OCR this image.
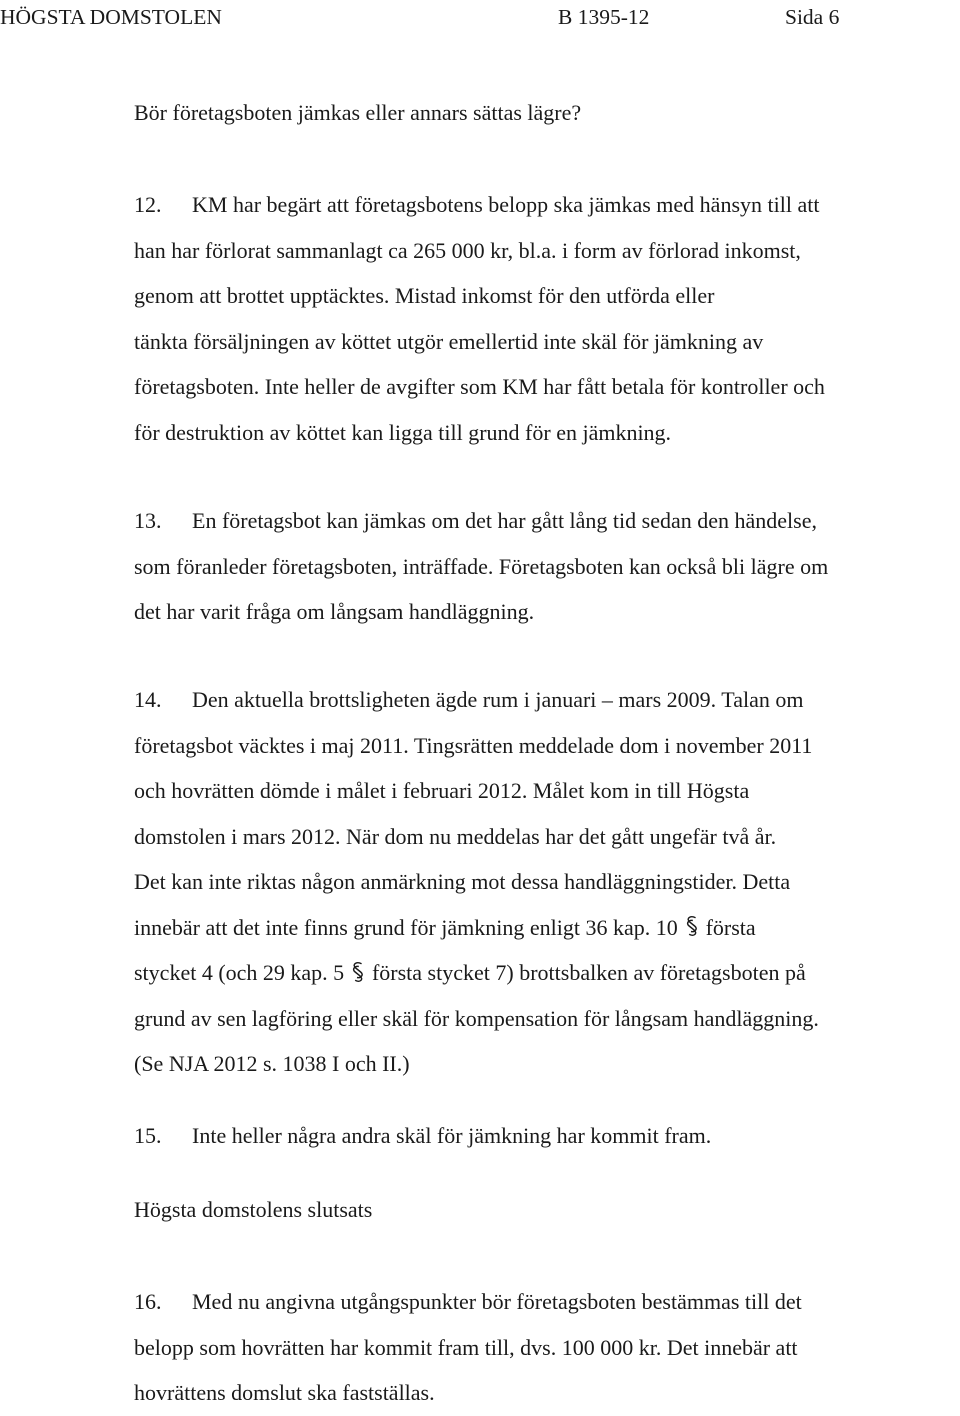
HÖGSTA DOMSTOLEN	B 1395-12	Sida 6
Bör företagsboten jämkas eller annars sättas lägre?
12. KM har begärt att företagsbotens belopp ska jämkas med hänsyn till att
han har förlorat sammanlagt ca 265 000 kr, bl.a. i form av förlorad inkomst,
genom att brottet upptäcktes. Mistad inkomst för den utförda eller
tänkta försäljningen av köttet utgör emellertid inte skäl för jämkning av
företagsboten. Inte heller de avgifter som KM har fått betala för kontroller och
för destruktion av köttet kan ligga till grund för en jämkning.
13. En företagsbot kan jämkas om det har gått lång tid sedan den händelse,
som föranleder företagsboten, inträffade. Företagsboten kan också bli lägre om
det har varit fråga om långsam handläggning.
14. Den aktuella brottsligheten ägde rum i januari – mars 2009. Talan om
företagsbot väcktes i maj 2011. Tingsrätten meddelade dom i november 2011
och hovrätten dömde i målet i februari 2012. Målet kom in till Högsta
domstolen i mars 2012. När dom nu meddelas har det gått ungefär två år.
Det kan inte riktas någon anmärkning mot dessa handläggningstider. Detta
innebär att det inte finns grund för jämkning enligt 36 kap. 10 första
stycket 4 (och 29 kap. 5 första stycket 7) brottsbalken av företagsboten på
grund av sen lagföring eller skäl för kompensation för långsam handläggning.
(Se NJA 2012 s. 1038 I och II.)
15. Inte heller några andra skäl för jämkning har kommit fram.
Högsta domstolens slutsats
16. Med nu angivna utgångspunkter bör företagsboten bestämmas till det
belopp som hovrätten har kommit fram till, dvs. 100 000 kr. Det innebär att
hovrättens domslut ska fastställas.
